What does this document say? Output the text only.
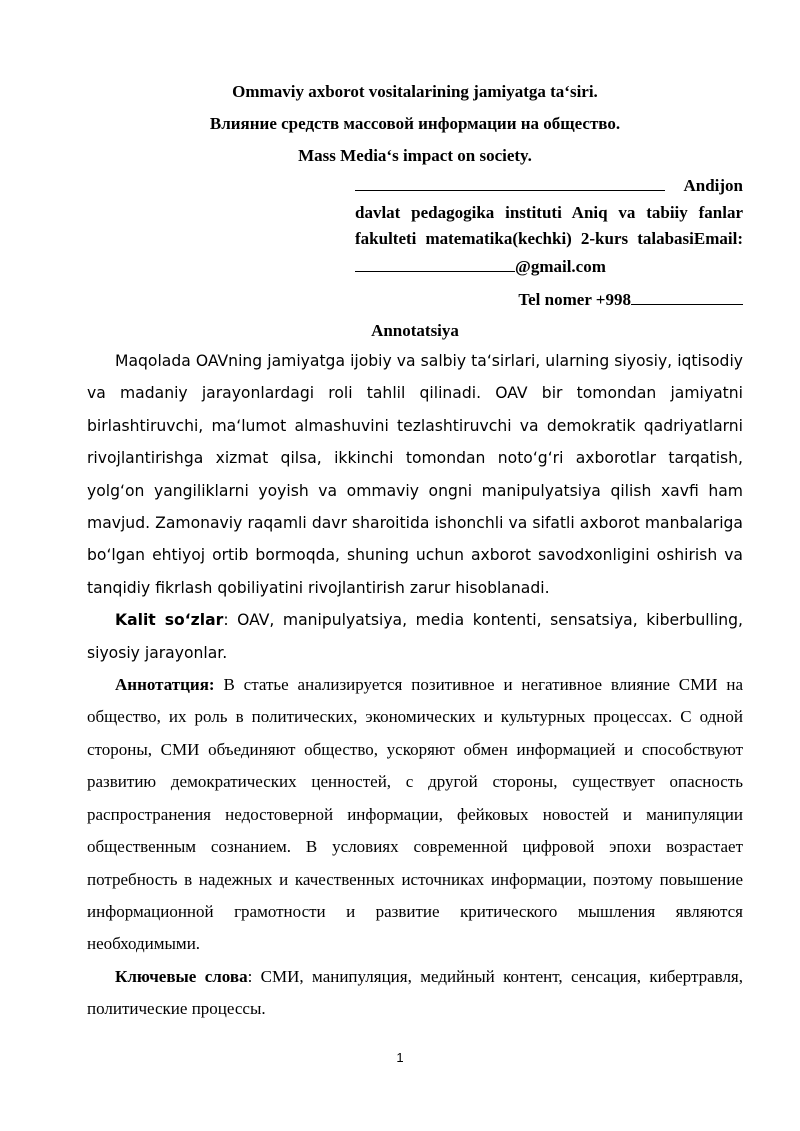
Ommaviy axborot vositalarining jamiyatga ta‘siri.

Влияние средств массовой информации на общество.

Mass Media‘s impact on society.

Andijon davlat pedagogika instituti Aniq va tabiiy fanlar fakulteti matematika(kechki) 2-kurs talabasiEmail: @gmail.com
Tel nomer +998
Annotatsiya

Maqolada OAVning jamiyatga ijobiy va salbiy ta‘sirlari, ularning siyosiy, iqtisodiy va madaniy jarayonlardagi roli tahlil qilinadi. OAV bir tomondan jamiyatni birlashtiruvchi, ma‘lumot almashuvini tezlashtiruvchi va demokratik qadriyatlarni rivojlantirishga xizmat qilsa, ikkinchi tomondan noto‘g‘ri axborotlar tarqatish, yolg‘on yangiliklarni yoyish va ommaviy ongni manipulyatsiya qilish xavfi ham mavjud. Zamonaviy raqamli davr sharoitida ishonchli va sifatli axborot manbalariga bo‘lgan ehtiyoj ortib bormoqda, shuning uchun axborot savodxonligini oshirish va tanqidiy fikrlash qobiliyatini rivojlantirish zarur hisoblanadi.

Kalit so‘zlar: OAV, manipulyatsiya, media kontenti, sensatsiya, kiberbulling, siyosiy jarayonlar.

Аннотатция: В статье анализируется позитивное и негативное влияние СМИ на общество, их роль в политических, экономических и культурных процессах. С одной стороны, СМИ объединяют общество, ускоряют обмен информацией и способствуют развитию демократических ценностей, с другой стороны, существует опасность распространения недостоверной информации, фейковых новостей и манипуляции общественным сознанием. В условиях современной цифровой эпохи возрастает потребность в надежных и качественных источниках информации, поэтому повышение информационной грамотности и развитие критического мышления являются необходимыми.

Ключевые слова: СМИ, манипуляция, медийный контент, сенсация, кибертравля, политические процессы.

1
